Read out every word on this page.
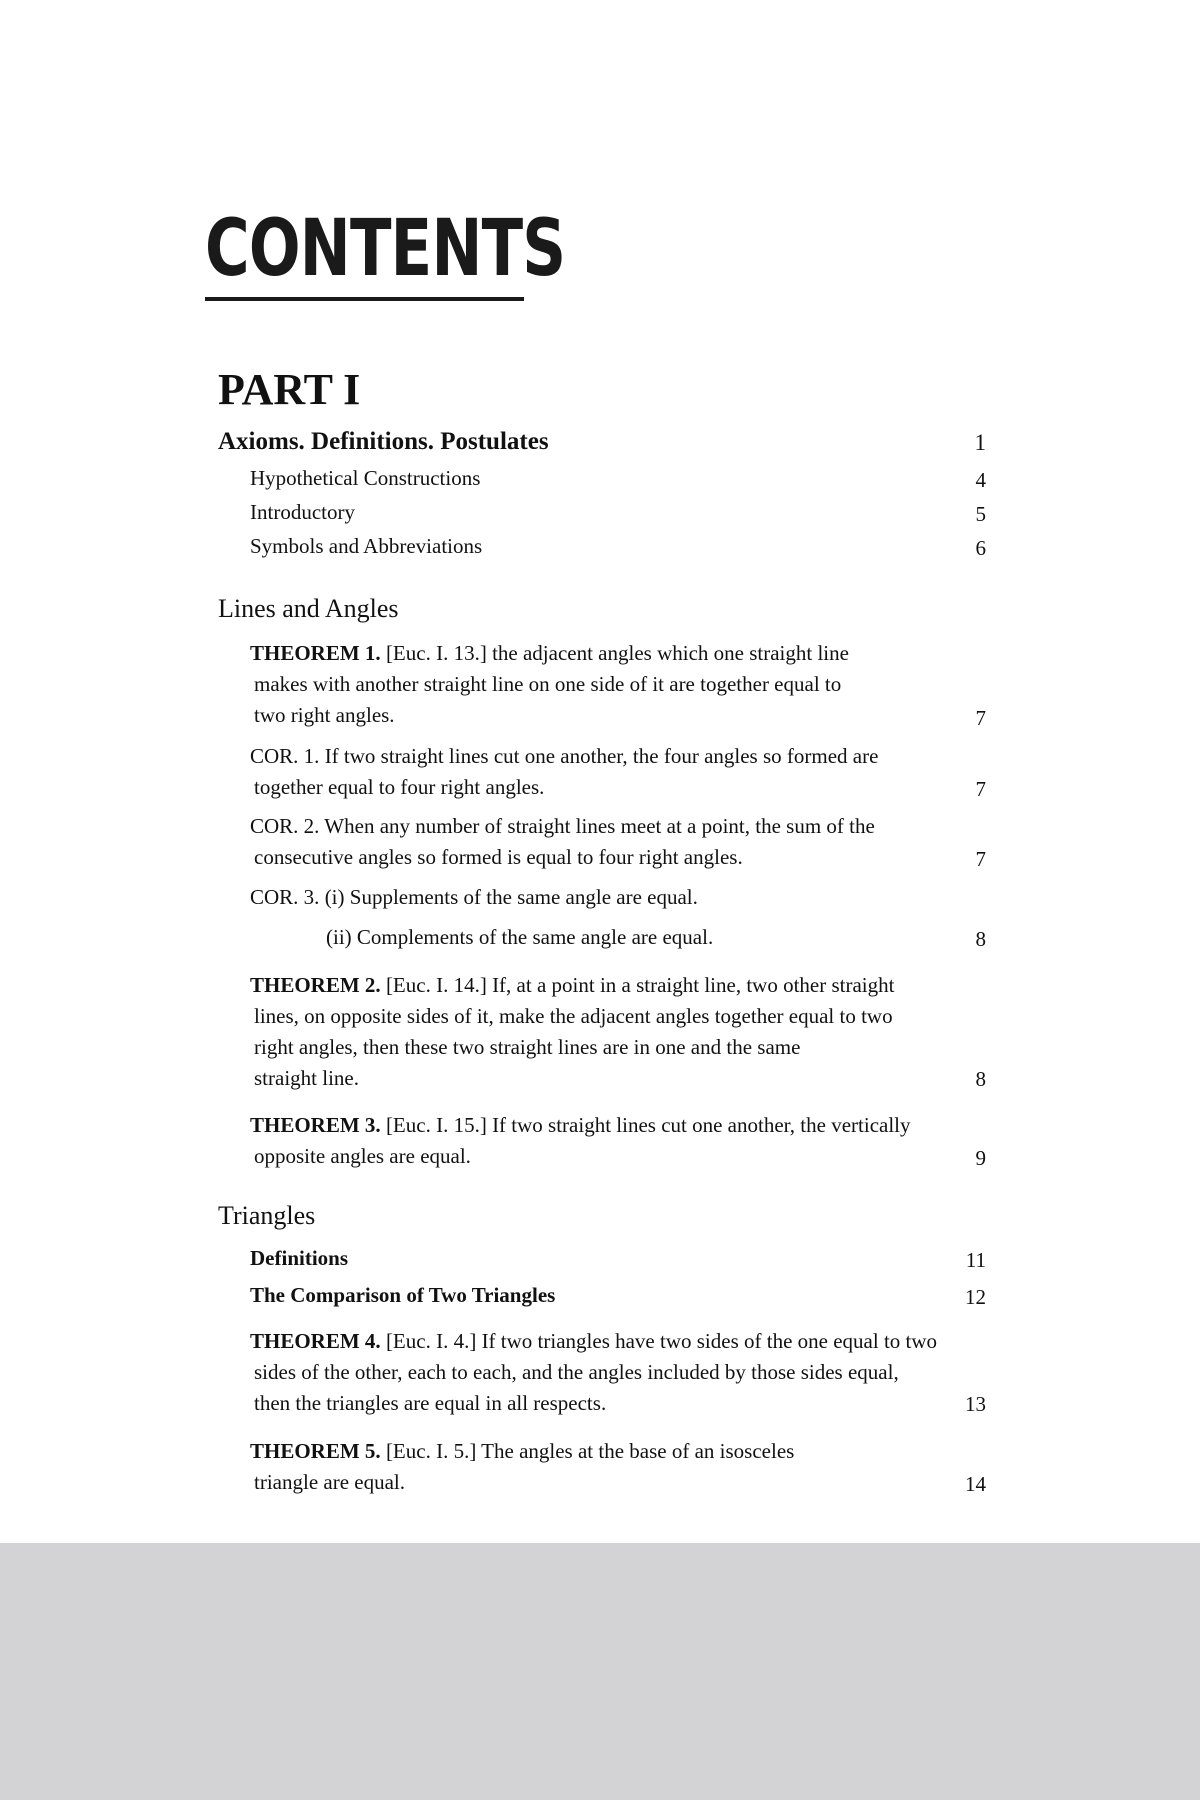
CONTENTS
PART I
Axioms. Definitions. Postulates	1
Hypothetical Constructions	4
Introductory	5
Symbols and Abbreviations	6
Lines and Angles
THEOREM 1. [Euc. I. 13.] the adjacent angles which one straight line
makes with another straight line on one side of it are together equal to
two right angles.	7
COR. 1. If two straight lines cut one another, the four angles so formed are
together equal to four right angles.	7
COR. 2. When any number of straight lines meet at a point, the sum of the
consecutive angles so formed is equal to four right angles.	7
COR. 3. (i) Supplements of the same angle are equal.
(ii) Complements of the same angle are equal.	8
THEOREM 2. [Euc. I. 14.] If, at a point in a straight line, two other straight
lines, on opposite sides of it, make the adjacent angles together equal to two
right angles, then these two straight lines are in one and the same
straight line.	8
THEOREM 3. [Euc. I. 15.] If two straight lines cut one another, the vertically
opposite angles are equal.	9
Triangles
Definitions	11
The Comparison of Two Triangles	12
THEOREM 4. [Euc. I. 4.] If two triangles have two sides of the one equal to two
sides of the other, each to each, and the angles included by those sides equal,
then the triangles are equal in all respects.	13
THEOREM 5. [Euc. I. 5.] The angles at the base of an isosceles
triangle are equal.	14
